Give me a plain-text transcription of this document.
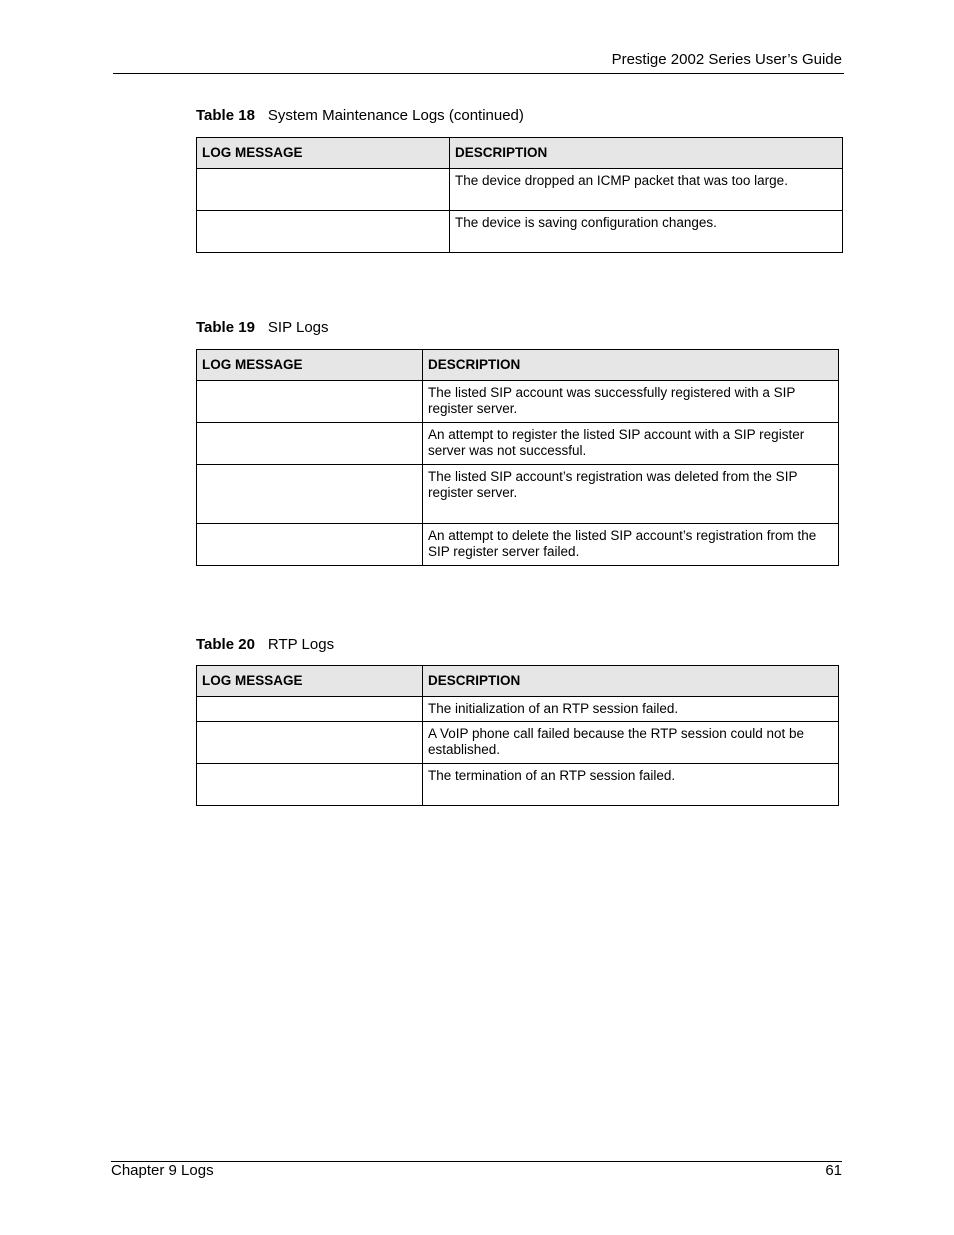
Prestige 2002 Series User’s Guide
Table 18 System Maintenance Logs (continued)
LOG MESSAGE	DESCRIPTION
	The device dropped an ICMP packet that was too large.
	The device is saving configuration changes.
Table 19 SIP Logs
LOG MESSAGE	DESCRIPTION
	The listed SIP account was successfully registered with a SIP register server.
	An attempt to register the listed SIP account with a SIP register server was not successful.
	The listed SIP account’s registration was deleted from the SIP register server.
	An attempt to delete the listed SIP account’s registration from the SIP register server failed.
Table 20 RTP Logs
LOG MESSAGE	DESCRIPTION
	The initialization of an RTP session failed.
	A VoIP phone call failed because the RTP session could not be established.
	The termination of an RTP session failed.
Chapter 9 Logs	61
